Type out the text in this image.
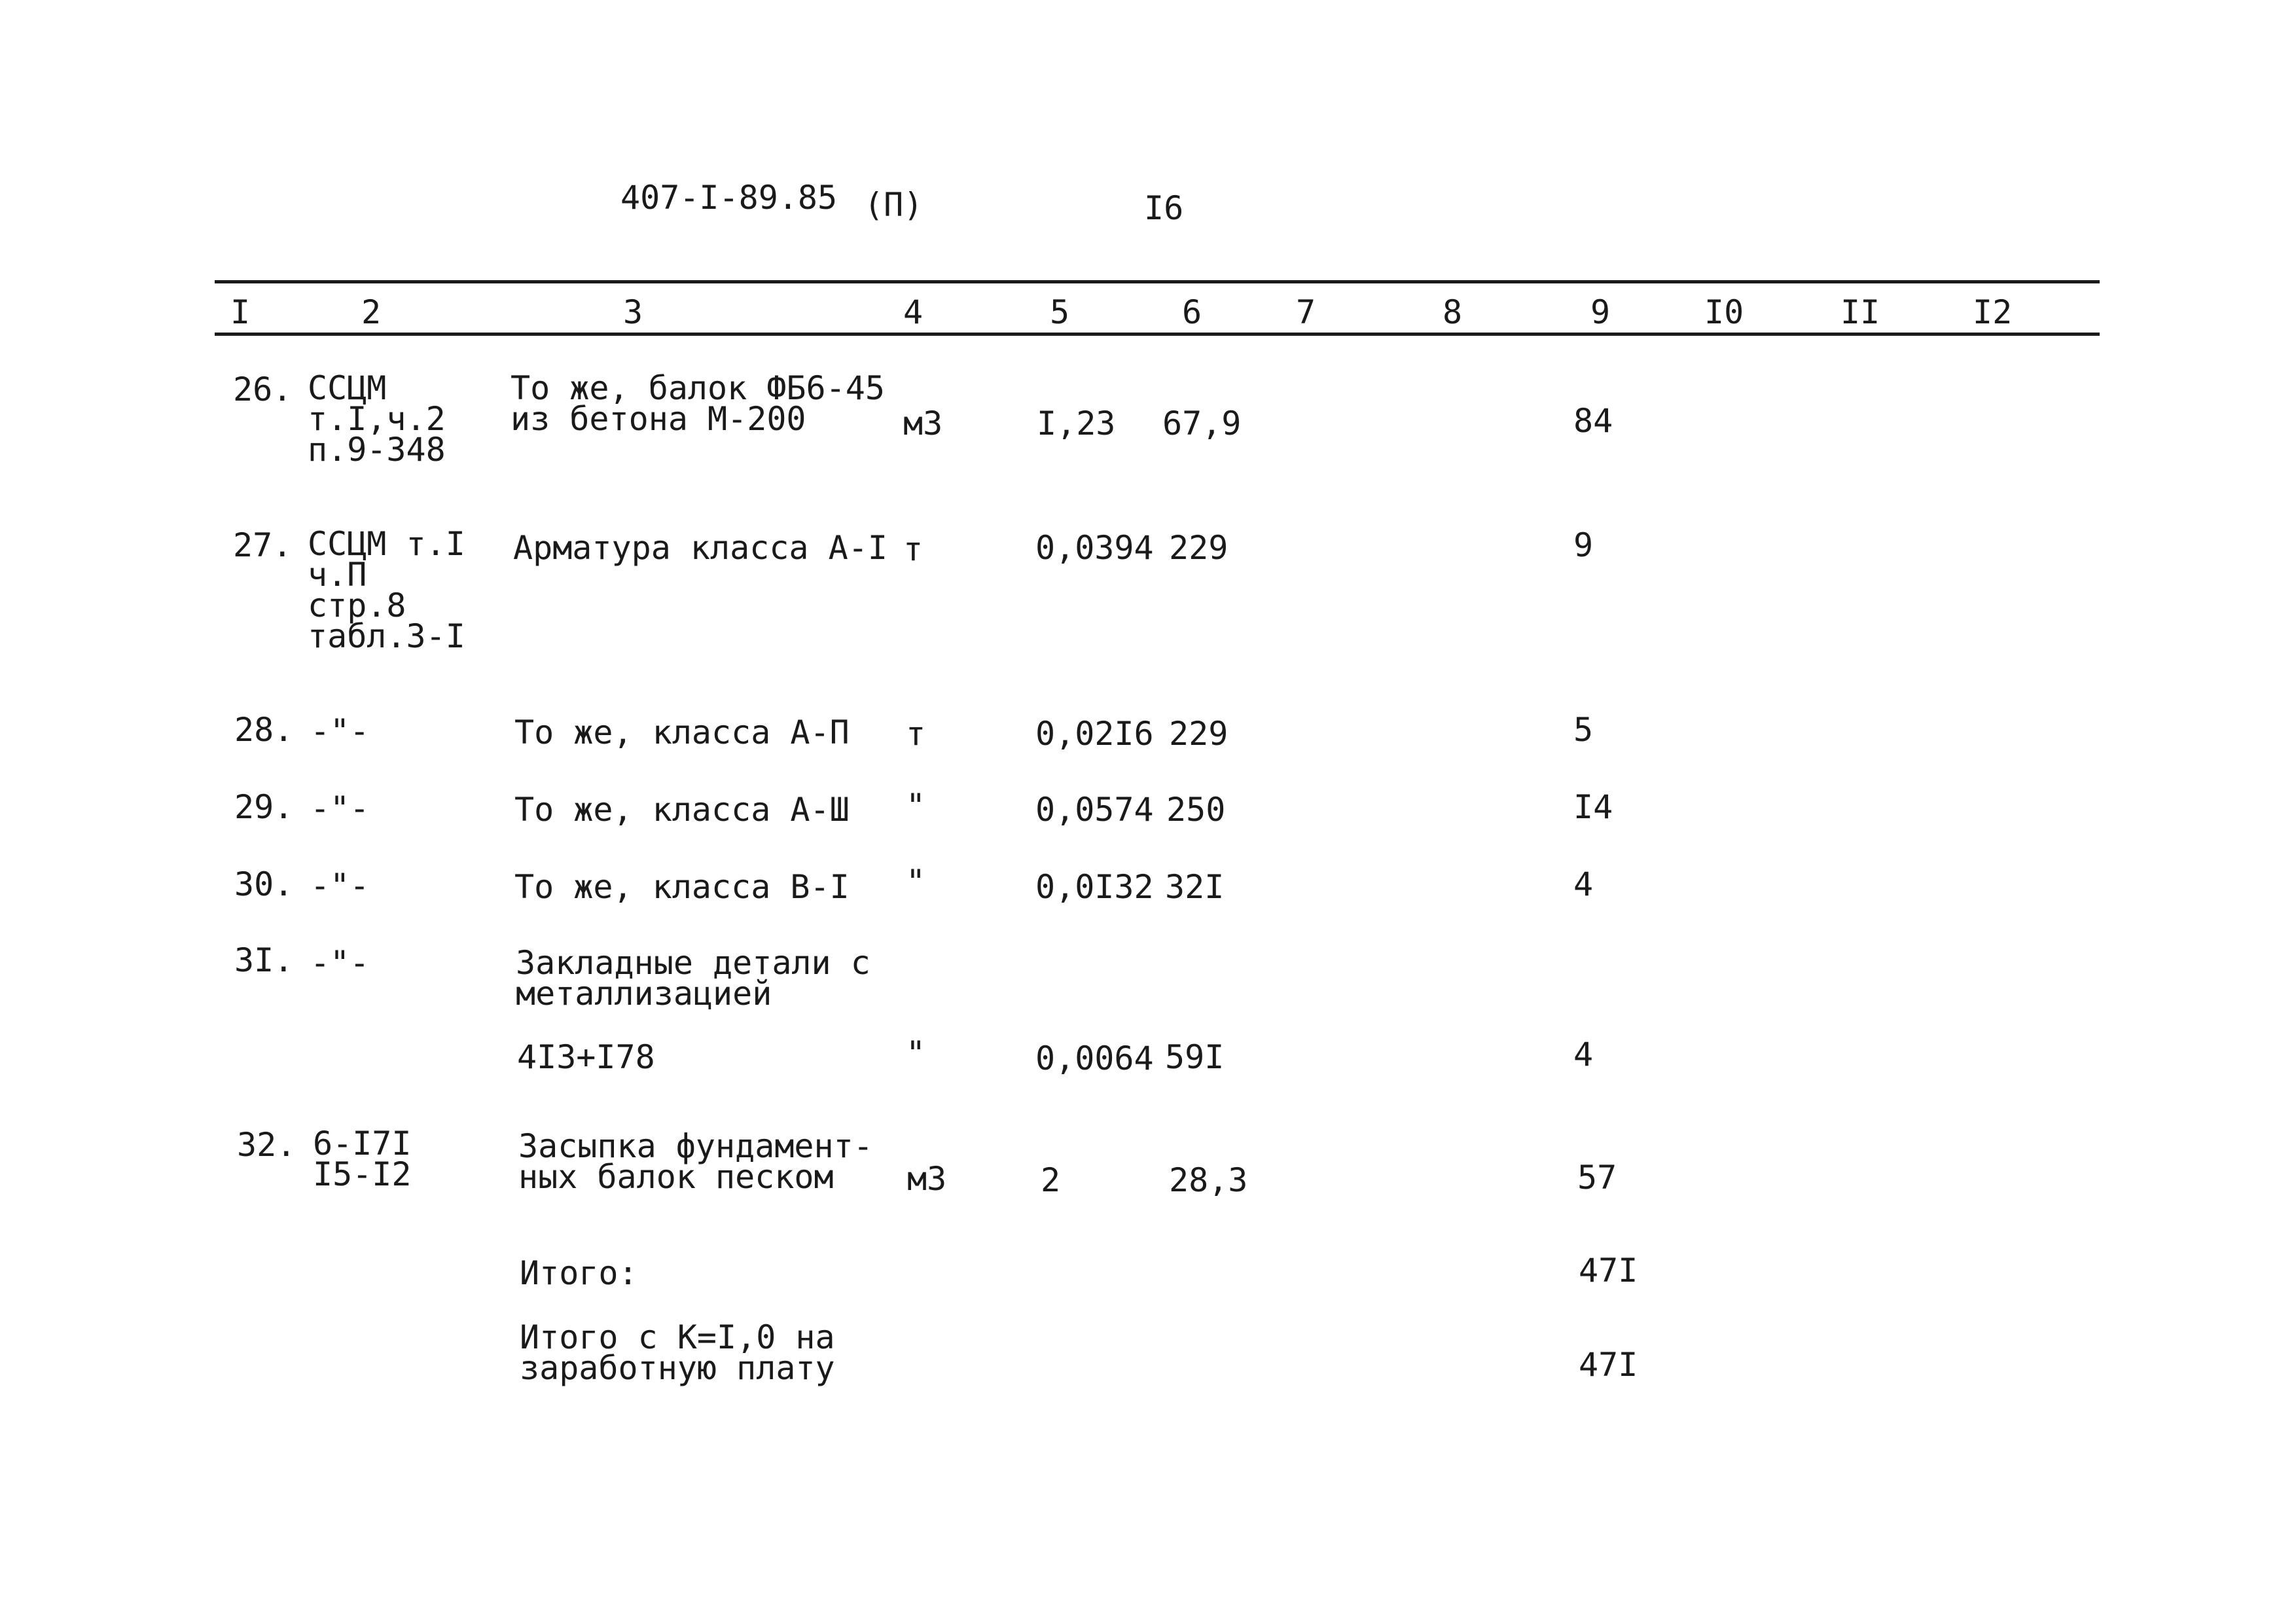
407-I-89.85 (П)	I6
I	2	3	4	5	6	7	8	9	I0	II	I2
26. ССЦМ
т.I,ч.2
п.9-348
То же, балок ФБ6-45
из бетона М-200	м3	I,23 67,9	84
27. ССЦМ т.I
ч.П
стр.8
табл.3-I
Арматура класса А-I т	0,0394 229	9
28. -"-	То же, класса А-П т	0,02I6 229	5
29. -"-	То же, класса А-Ш "	0,0574 250	I4
30. -"-	То же, класса В-I "	0,0I32 32I	4
3I. -"-	Закладные детали с
металлизацией
4I3+I78	"	0,0064 59I	4
32. 6-I7I
I5-I2
Засыпка фундамент-
ных балок песком	м3	2	28,3	57
Итого:	47I
Итого с К=I,0 на
заработную плату	47I
